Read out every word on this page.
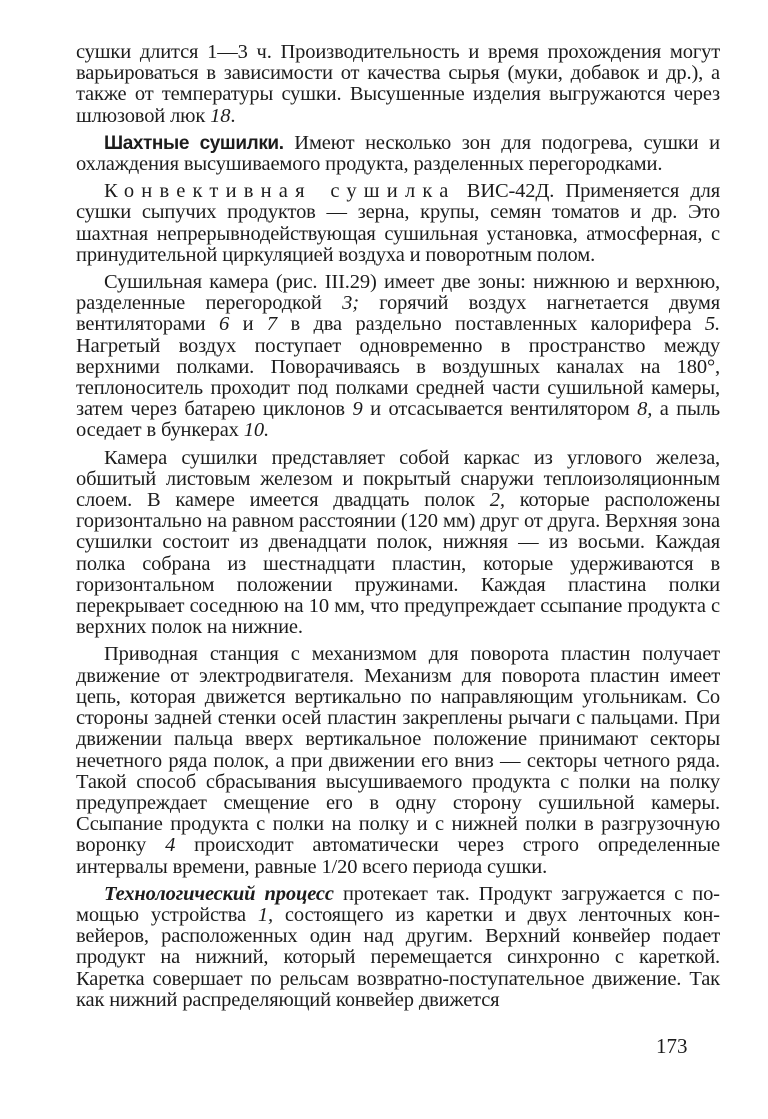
сушки длится 1—3 ч. Производительность и время прохождения могут варьироваться в зависимости от качества сырья (муки, добавок и др.), а также от температуры сушки. Высушенные изделия выгружаются через шлюзовой люк 18.

Шахтные сушилки. Имеют несколько зон для подогрева, сушки и охлаждения высушиваемого продукта, разделенных перегородками.

Конвективная сушилка ВИС-42Д. Применяется для сушки сыпучих продуктов — зерна, крупы, семян томатов и др. Это шахтная непрерывнодействующая сушильная установка, атмосферная, с принудительной циркуляцией воздуха и поворотным полом.

Сушильная камера (рис. III.29) имеет две зоны: нижнюю и верхнюю, разделенные перегородкой 3; горячий воздух нагнетается двумя вентиляторами 6 и 7 в два раздельно поставленных калорифера 5. Нагретый воздух поступает одновременно в пространство между верхними полками. Поворачиваясь в воздушных каналах на 180°, теплоноситель проходит под полками средней части сушильной камеры, затем через батарею циклонов 9 и отсасывается вентилятором 8, а пыль оседает в бункерах 10.

Камера сушилки представляет собой каркас из углового железа, обшитый листовым железом и покрытый снаружи теплоизоляционным слоем. В камере имеется двадцать полок 2, которые расположены горизонтально на равном расстоянии (120 мм) друг от друга. Верхняя зона сушилки состоит из двенадцати полок, нижняя — из восьми. Каждая полка собрана из шестнадцати пластин, которые удерживаются в горизонтальном положении пружинами. Каждая пластина полки перекрывает соседнюю на 10 мм, что предупреждает ссыпание продукта с верхних полок на нижние.

Приводная станция с механизмом для поворота пластин получает движение от электродвигателя. Механизм для поворота пластин имеет цепь, которая движется вертикально по направляющим угольникам. Со стороны задней стенки осей пластин закреплены рычаги с пальцами. При движении пальца вверх вертикальное положение принимают секторы нечетного ряда полок, а при движении его вниз — секторы четного ряда. Такой способ сбрасывания высушиваемого продукта с полки на полку предупреждает смещение его в одну сторону сушильной камеры. Ссыпание продукта с полки на полку и с нижней полки в разгрузочную воронку 4 происходит автоматически через строго определенные интервалы времени, равные 1/20 всего периода сушки.

Технологический процесс протекает так. Продукт загружается с помощью устройства 1, состоящего из каретки и двух ленточных конвейеров, расположенных один над другим. Верхний конвейер подает продукт на нижний, который перемещается синхронно с кареткой. Каретка совершает по рельсам возвратно-поступательное движение. Так как нижний распределяющий конвейер движется

173
